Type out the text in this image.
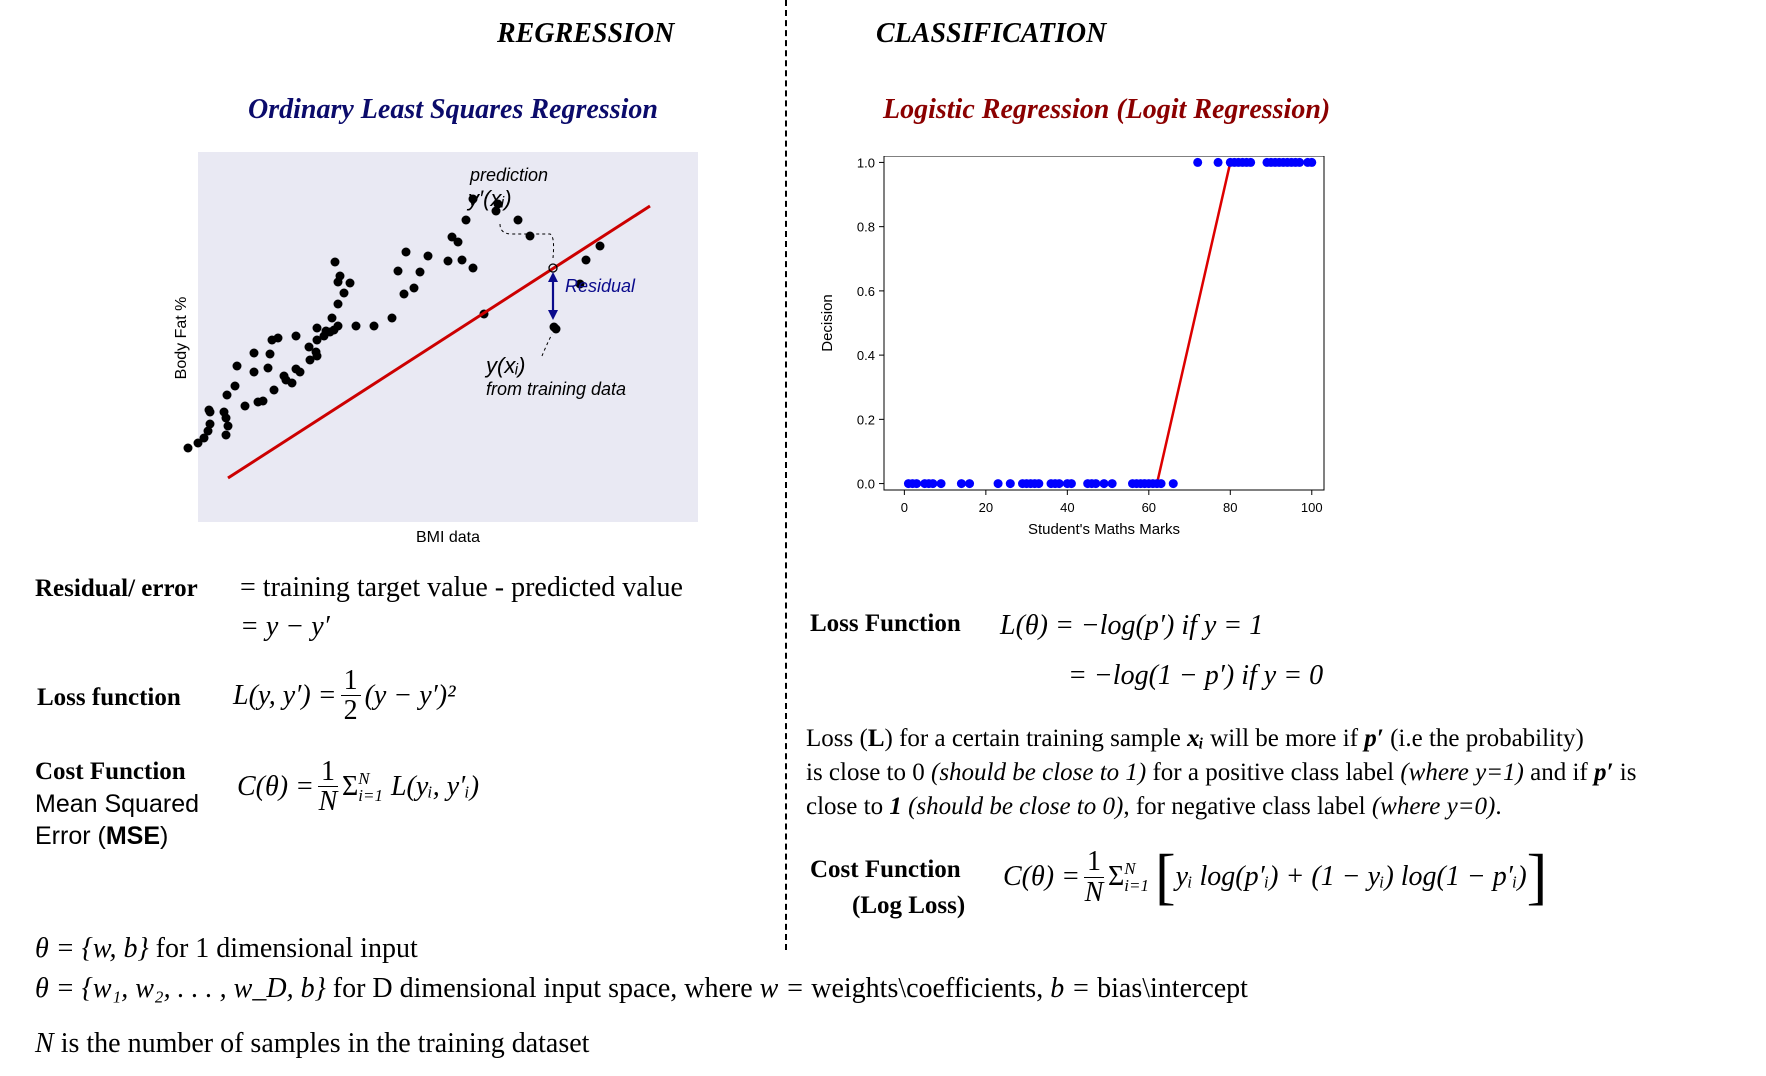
REGRESSION	CLASSIFICATION
Ordinary Least Squares Regression	Logistic Regression (Logit Regression)
prediction
y′(xᵢ)
Residual
y(xᵢ)
from training data
BMI data
Body Fat %
0	20	40	60	80	100
0.0
0.2
0.4
0.6
0.8
1.0
Student's Maths Marks
Decision
Residual/ error = training target value - predicted value
= y − y′
Loss function L(y, $y') = \frac{1}{2} (y - y')^2$
Cost Function
Mean Squared
Error (MSE)
$C(\theta) = \frac{1}{N}$ Σ N
i=1 L(yᵢ, y′ᵢ)
Loss Function L(θ) = −log(p′) if y = 1
= −log(1 − p′) if y = 0
Loss (L) for a certain training sample xᵢ will be more if p′ (i.e the probability)
is close to 0 (should be close to 1) for a positive class label (where y=1) and if p′ is
close to 1 (should be close to 0), for negative class label (where y=0).
Cost Function
(Log Loss)
$C(\theta) = \frac{1}{N}$ Σ N
i=1 [ yᵢ log(p′ᵢ) + (1 − yᵢ) log(1 − p′ᵢ) ]
θ = {w, b} for 1 dimensional input
θ = {w₁, w₂, . . . , w_D, b} for D dimensional input space, where w = weights\coefficients, b = bias\intercept
N is the number of samples in the training dataset
